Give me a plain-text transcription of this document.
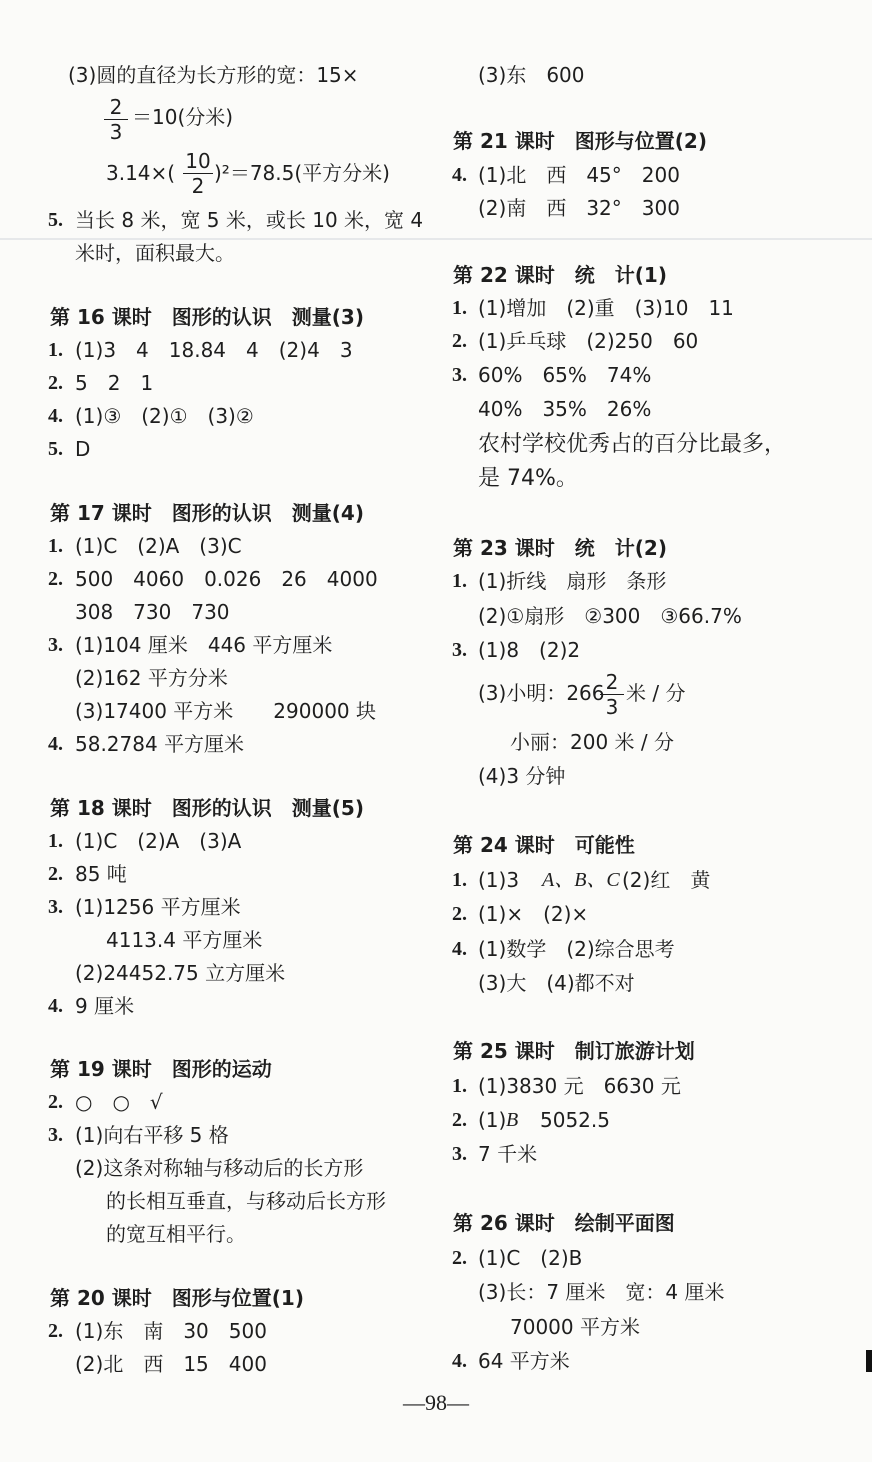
(3)圆的直径为长方形的宽：15×
2
3
＝10(分米)
3.14×( 10
2
)²＝78.5(平方分米)
5. 当长 8 米，宽 5 米，或长 10 米，宽 4
米时，面积最大。
第 16 课时　图形的认识　测量(3)
1. (1)3　4　18.84　4　(2)4　3
2. 5　2　1
4. (1)③　(2)①　(3)②
5. D
第 17 课时　图形的认识　测量(4)
1. (1)C　(2)A　(3)C
2. 500　4060　0.026　26　4000
308　730　730
3. (1)104 厘米　446 平方厘米
(2)162 平方分米
(3)17400 平方米　　290000 块
4. 58.2784 平方厘米
第 18 课时　图形的认识　测量(5)
1. (1)C　(2)A　(3)A
2. 85 吨
3. (1)1256 平方厘米
4113.4 平方厘米
(2)24452.75 立方厘米
4. 9 厘米
第 19 课时　图形的运动
2. ○　○　√
3. (1)向右平移 5 格
(2)这条对称轴与移动后的长方形
的长相互垂直，与移动后长方形
的宽互相平行。
第 20 课时　图形与位置(1)
2. (1)东　南　30　500
(2)北　西　15　400
(3)东　600
第 21 课时　图形与位置(2)
4. (1)北　西　45°　200
(2)南　西　32°　300
第 22 课时　统　计(1)
1. (1)增加　(2)重　(3)10　11
2. (1)乒乓球　(2)250　60
3. 60%　65%　74%
40%　35%　26%
农村学校优秀占的百分比最多，
是 74%。
第 23 课时　统　计(2)
1. (1)折线　扇形　条形
(2)①扇形　②300　③66.7%
3. (1)8　(2)2
(3)小明：266 2
3
米 / 分
小丽：200 米 / 分
(4)3 分钟
第 24 课时　可能性
1. (1)3 A、B、C (2)红　黄
2. (1)×　(2)×
4. (1)数学　(2)综合思考
(3)大　(4)都不对
第 25 课时　制订旅游计划
1. (1)3830 元　6630 元
2. (1) B 5052.5
3. 7 千米
第 26 课时　绘制平面图
2. (1)C　(2)B
(3)长：7 厘米　宽：4 厘米
70000 平方米
4. 64 平方米
—98—
